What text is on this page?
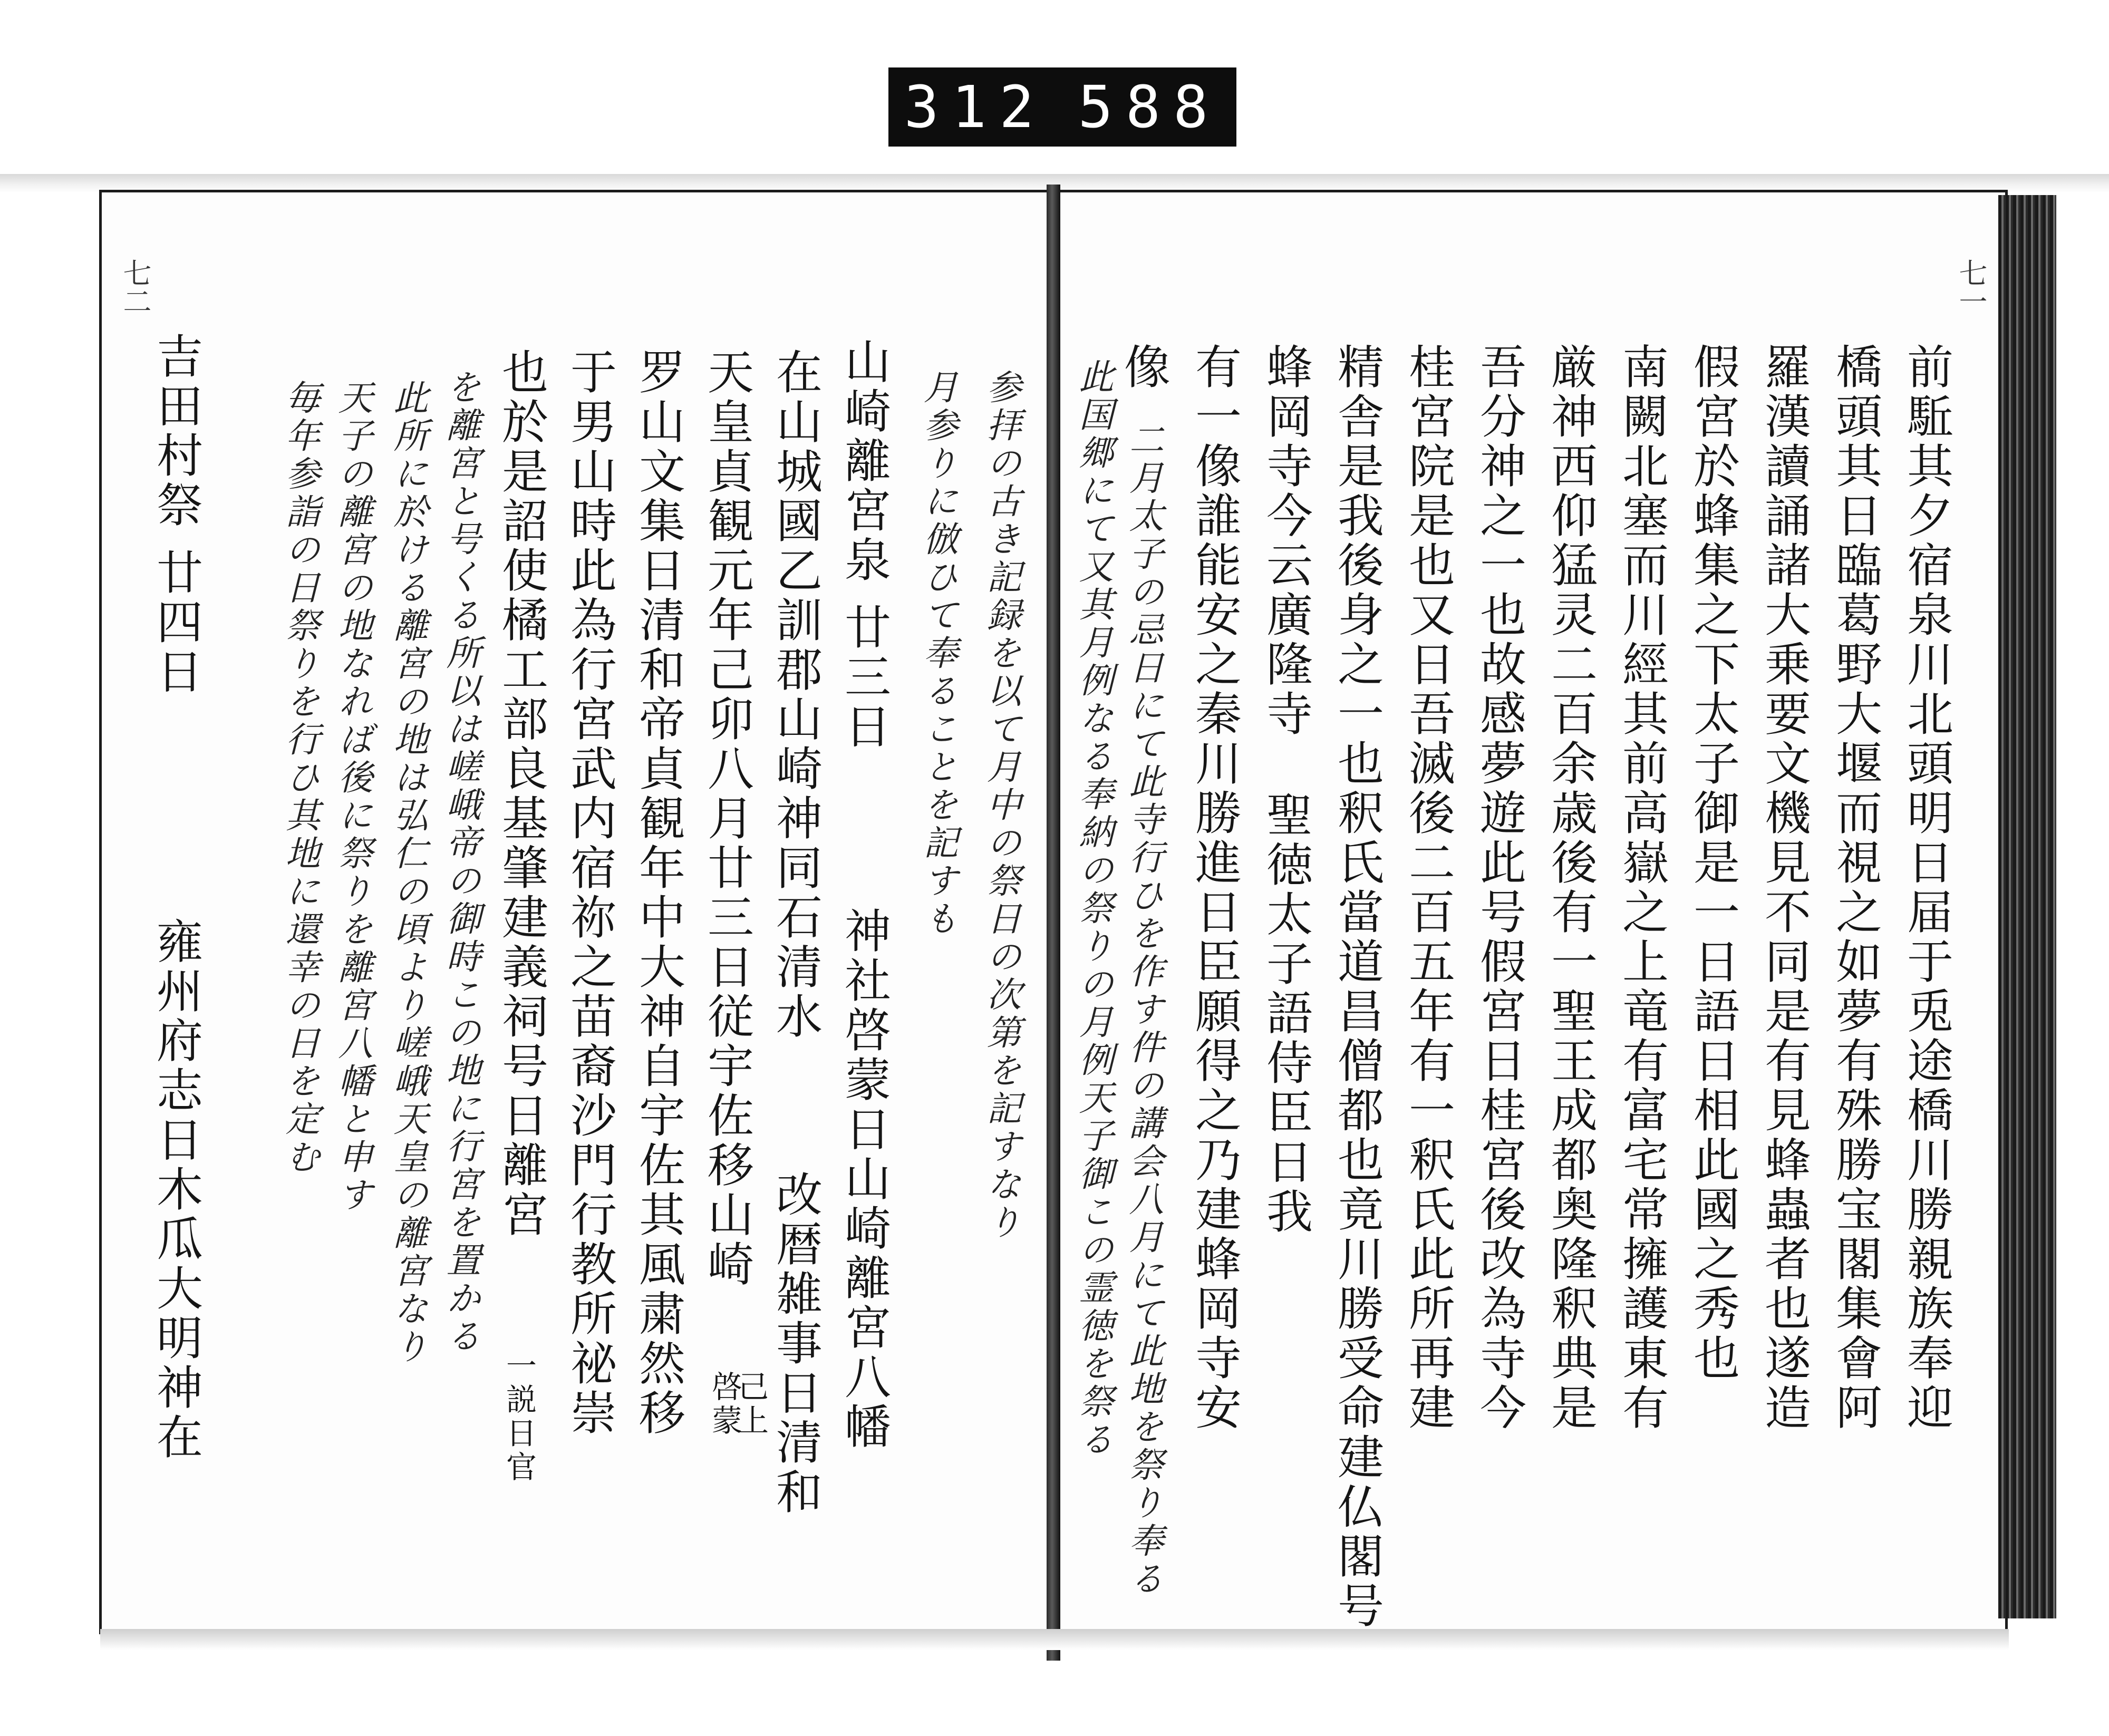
312 588
七二	七一
前駈其夕宿泉川北頭明日届于兎途橋川勝親族奉迎
橋頭其日臨葛野大堰而視之如夢有殊勝宝閣集會阿
羅漢讀誦諸大乗要文機見不同是有見蜂蟲者也遂造
假宮於蜂集之下太子御是一日語日相此國之秀也
南闕北塞而川經其前高嶽之上竜有富宅常擁護東有
厳神西仰猛灵二百余歳後有一聖王成都奥隆釈典是
吾分神之一也故感夢遊此号假宮日桂宮後改為寺今
桂宮院是也又日吾滅後二百五年有一釈氏此所再建
精舎是我後身之一也釈氏當道昌僧都也竟川勝受命建仏閣号
蜂岡寺今云廣隆寺
聖徳太子語侍臣日我
有一像誰能安之秦川勝進日臣願得之乃建蜂岡寺安
像
二月太子の忌日にて此寺行ひを作す件の講会八月にて此地を祭り奉る
此国郷にて又其月例なる奉納の祭りの月例天子御この霊徳を祭る
参拝の古き記録を以て月中の祭日の次第を記すなり
月参りに倣ひて奉ることを記すも
山崎離宮泉 廿三日
神社啓蒙日山崎離宮八幡
在山城國乙訓郡山崎神同石清水
改暦雑事日清和
天皇貞観元年己卯八月廿三日従宇佐移山崎
啓蒙
己上
罗山文集日清和帝貞観年中大神自宇佐其風粛然移
于男山時此為行宮武内宿祢之苗裔沙門行教所祕崇
也於是詔使橘工部良基肇建義祠号日離宮
一説日官
を離宮と号くる所以は嵯峨帝の御時この地に行宮を置かる
此所に於ける離宮の地は弘仁の頃より嵯峨天皇の離宮なり
天子の離宮の地なれば後に祭りを離宮八幡と申す
毎年参詣の日祭りを行ひ其地に還幸の日を定む
吉田村祭 廿四日
雍州府志日木瓜大明神在
